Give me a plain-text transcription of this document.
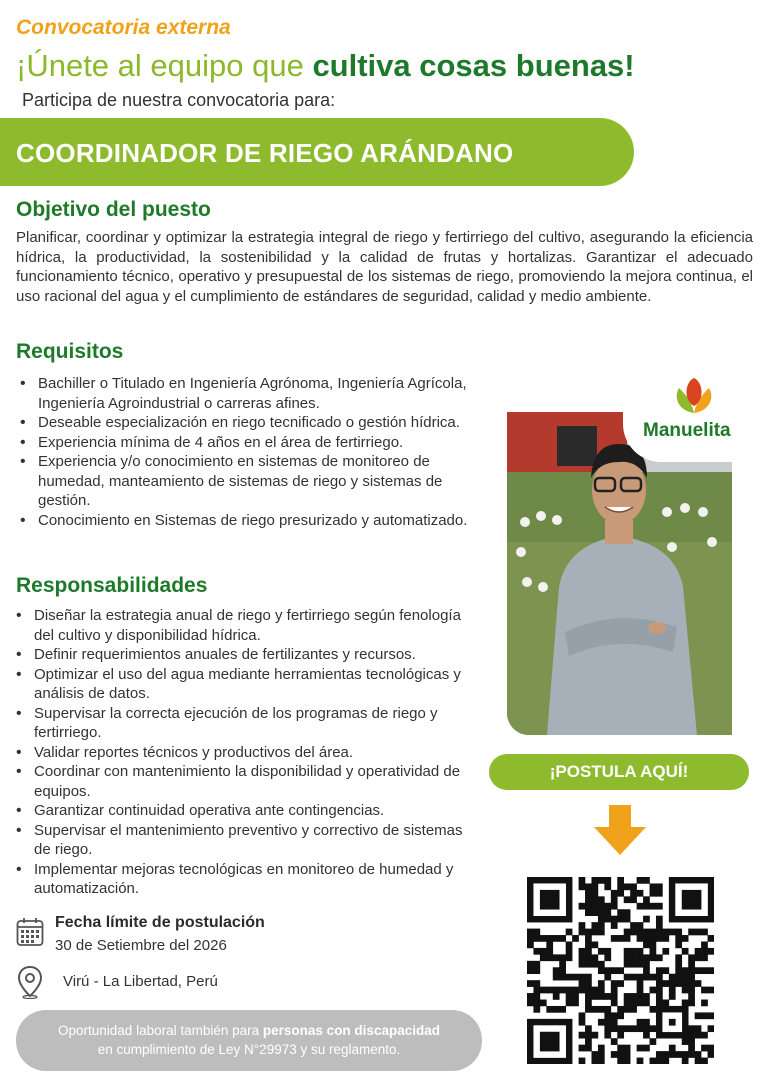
Convocatoria externa
¡Únete al equipo que cultiva cosas buenas!
Participa de nuestra convocatoria para:
COORDINADOR DE RIEGO ARÁNDANO
Objetivo del puesto
Planificar, coordinar y optimizar la estrategia integral de riego y fertirriego del cultivo, asegurando la eficiencia hídrica, la productividad, la sostenibilidad y la calidad de frutas y hortalizas. Garantizar el adecuado funcionamiento técnico, operativo y presupuestal de los sistemas de riego, promoviendo la mejora continua, el uso racional del agua y el cumplimiento de estándares de seguridad, calidad y medio ambiente.
Requisitos
• Bachiller o Titulado en Ingeniería Agrónoma, Ingeniería Agrícola, Ingeniería Agroindustrial o carreras afines.
• Deseable especialización en riego tecnificado o gestión hídrica.
• Experiencia mínima de 4 años en el área de fertirriego.
• Experiencia y/o conocimiento en sistemas de monitoreo de humedad, manteamiento de sistemas de riego y sistemas de gestión.
• Conocimiento en Sistemas de riego presurizado y automatizado.
Responsabilidades
• Diseñar la estrategia anual de riego y fertirriego según fenología del cultivo y disponibilidad hídrica.
• Definir requerimientos anuales de fertilizantes y recursos.
• Optimizar el uso del agua mediante herramientas tecnológicas y análisis de datos.
• Supervisar la correcta ejecución de los programas de riego y fertirriego.
• Validar reportes técnicos y productivos del área.
• Coordinar con mantenimiento la disponibilidad y operatividad de equipos.
• Garantizar continuidad operativa ante contingencias.
• Supervisar el mantenimiento preventivo y correctivo de sistemas de riego.
• Implementar mejoras tecnológicas en monitoreo de humedad y automatización.
Manuelita
¡POSTULA AQUÍ!
Fecha límite de postulación
30 de Setiembre del 2026
Virú - La Libertad, Perú
Oportunidad laboral también para personas con discapacidad
en cumplimiento de Ley N°29973 y su reglamento.
